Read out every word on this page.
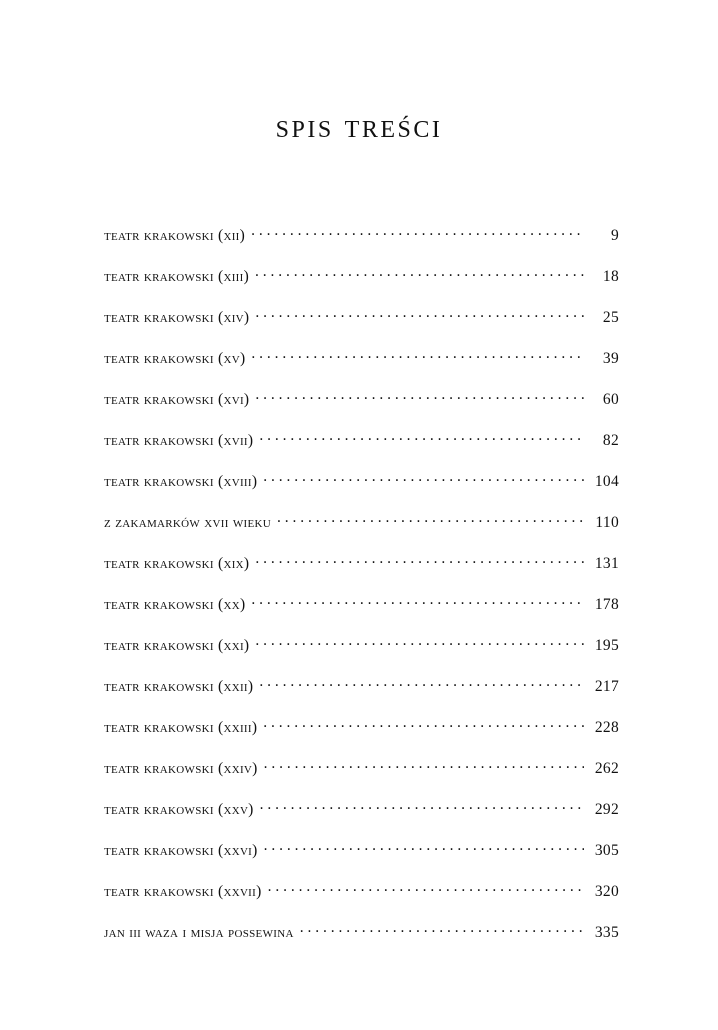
spis treści
teatr krakowski (xii) . . .	9
teatr krakowski (xiii) . . .	18
teatr krakowski (xiv) . . .	25
teatr krakowski (xv) . . .	39
teatr krakowski (xvi) . . .	60
teatr krakowski (xvii) . . .	82
teatr krakowski (xviii) . . .	104
z zakamarków xvii wieku . . .	110
teatr krakowski (xix) . . .	131
teatr krakowski (xx) . . .	178
teatr krakowski (xxi) . . .	195
teatr krakowski (xxii) . . .	217
teatr krakowski (xxiii) . . .	228
teatr krakowski (xxiv) . . .	262
teatr krakowski (xxv) . . .	292
teatr krakowski (xxvi) . . .	305
teatr krakowski (xxvii) . . .	320
jan iii waza i misja possewina . . .	335
